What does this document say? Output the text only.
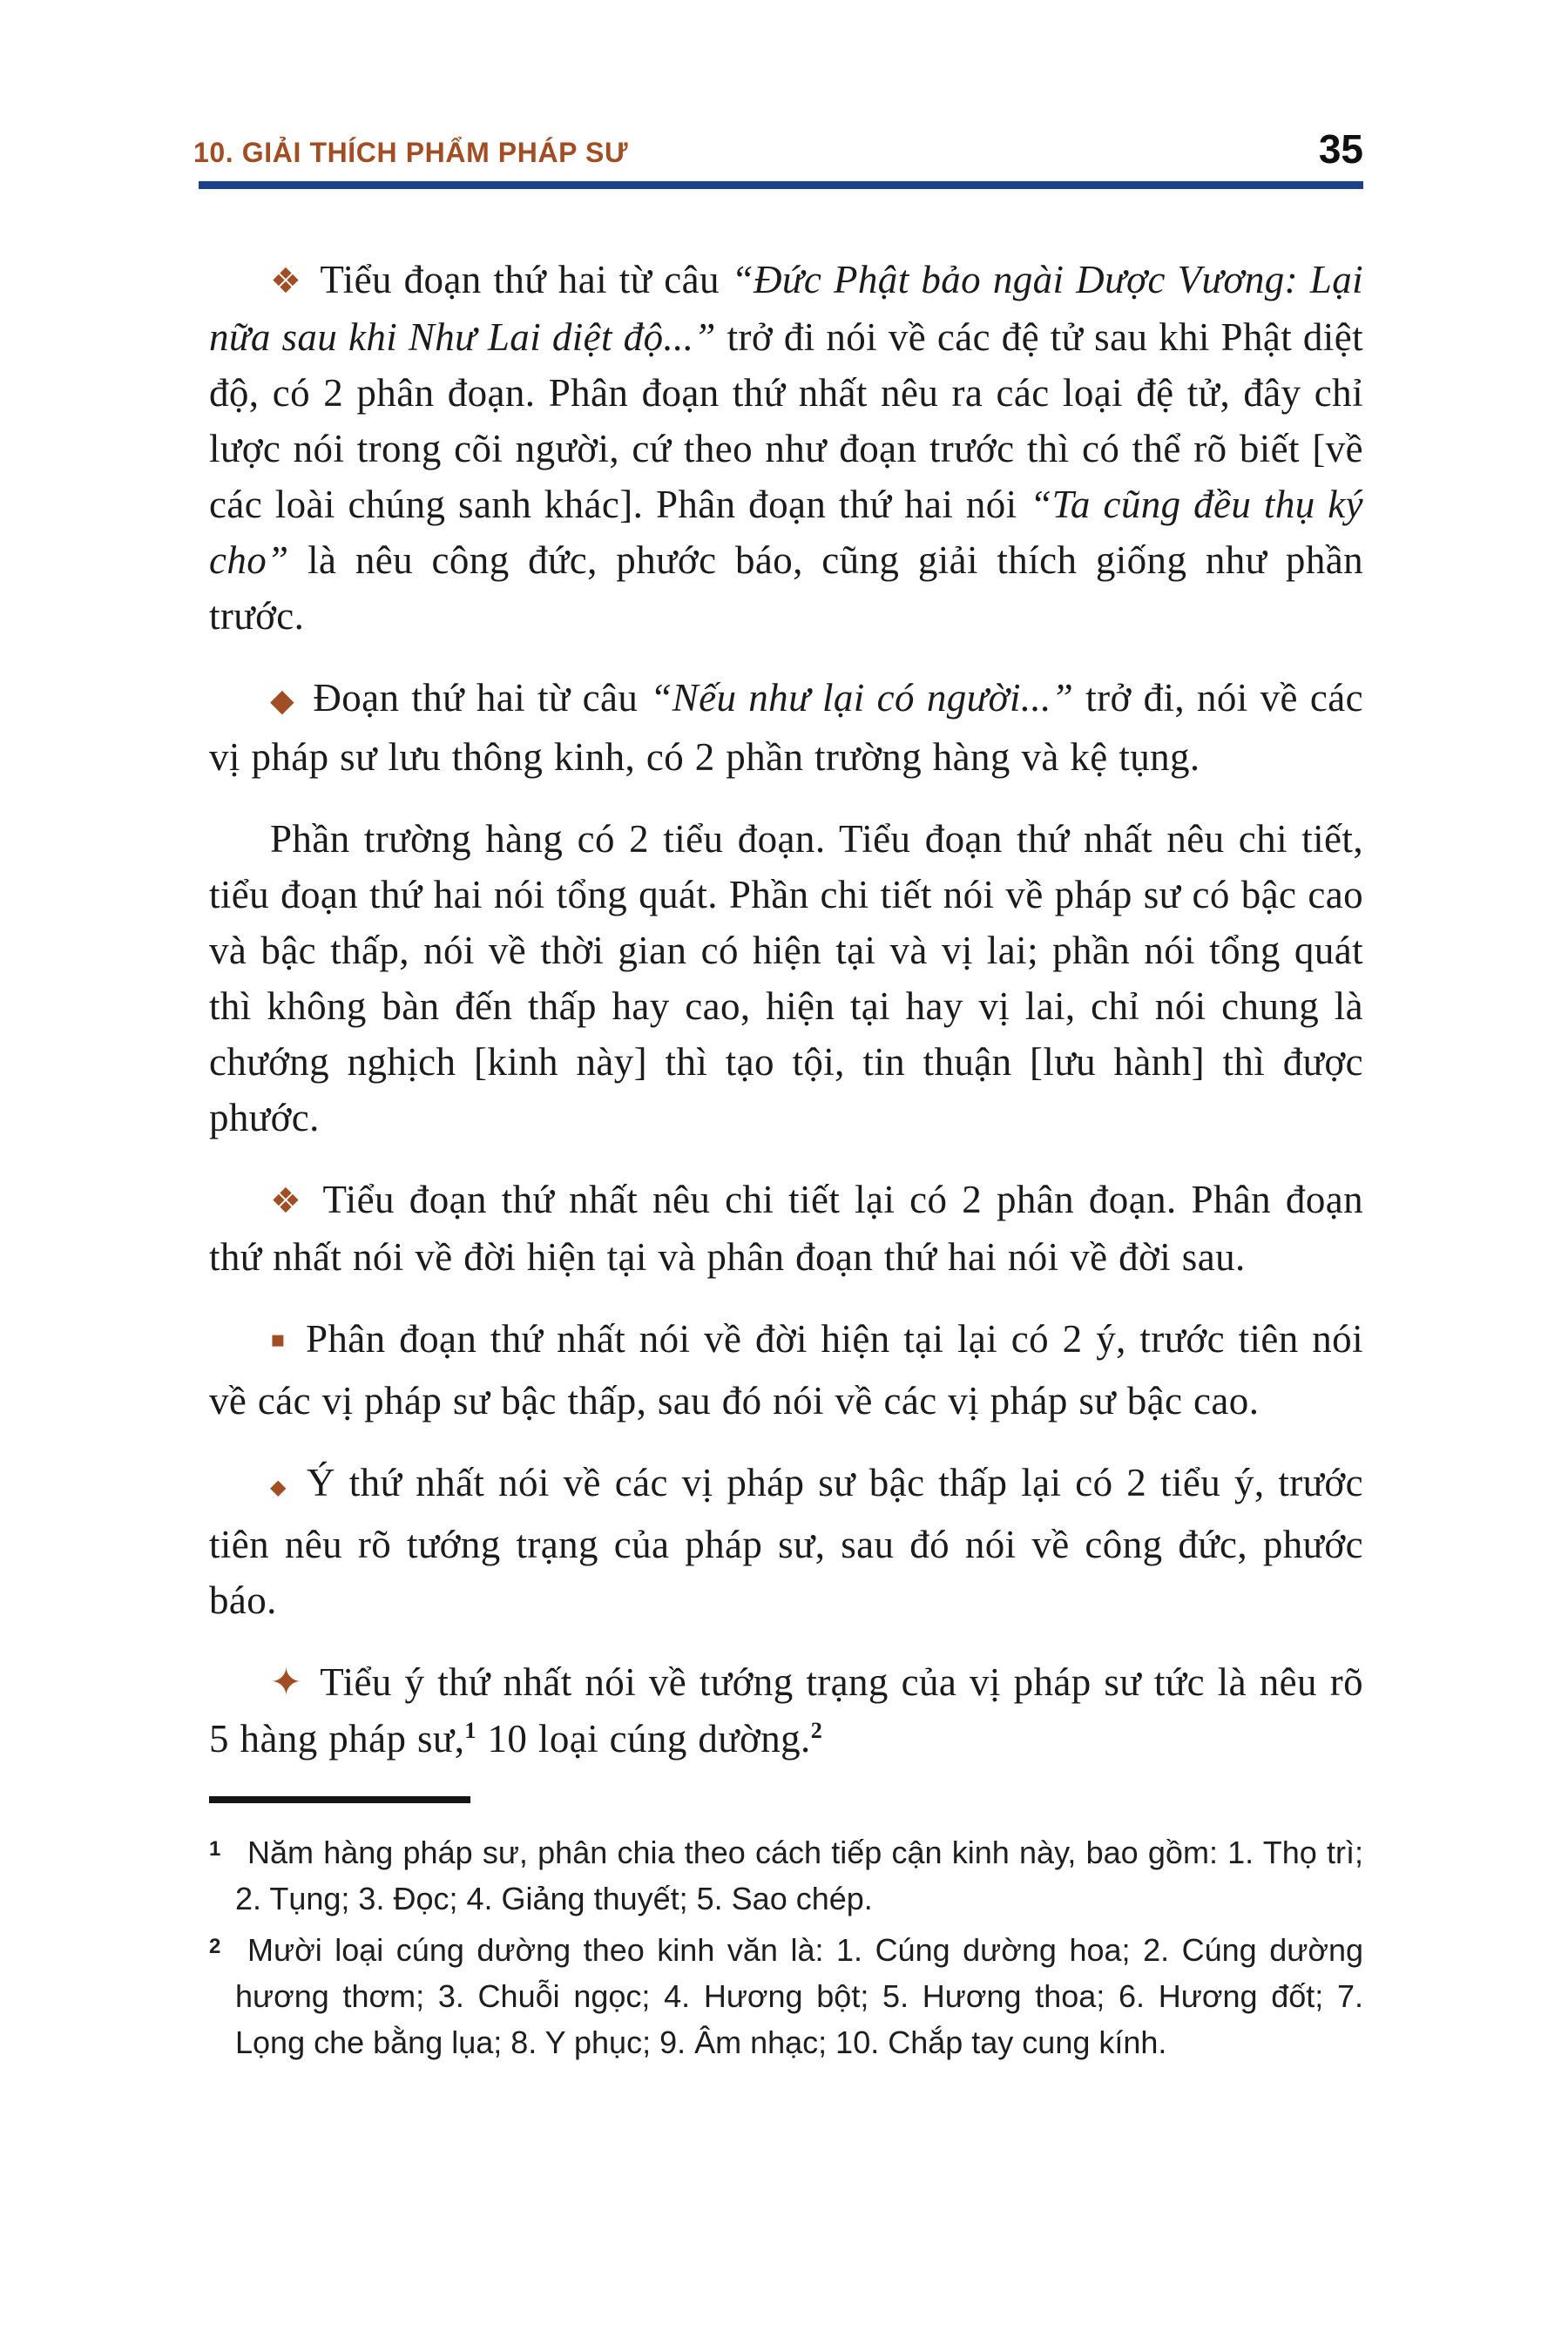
10. GIẢI THÍCH PHẨM PHÁP SƯ	35

❖ Tiểu đoạn thứ hai từ câu “Đức Phật bảo ngài Dược Vương: Lại nữa sau khi Như Lai diệt độ...” trở đi nói về các đệ tử sau khi Phật diệt độ, có 2 phân đoạn. Phân đoạn thứ nhất nêu ra các loại đệ tử, đây chỉ lược nói trong cõi người, cứ theo như đoạn trước thì có thể rõ biết [về các loài chúng sanh khác]. Phân đoạn thứ hai nói “Ta cũng đều thụ ký cho” là nêu công đức, phước báo, cũng giải thích giống như phần trước.

◆ Đoạn thứ hai từ câu “Nếu như lại có người...” trở đi, nói về các vị pháp sư lưu thông kinh, có 2 phần trường hàng và kệ tụng.

Phần trường hàng có 2 tiểu đoạn. Tiểu đoạn thứ nhất nêu chi tiết, tiểu đoạn thứ hai nói tổng quát. Phần chi tiết nói về pháp sư có bậc cao và bậc thấp, nói về thời gian có hiện tại và vị lai; phần nói tổng quát thì không bàn đến thấp hay cao, hiện tại hay vị lai, chỉ nói chung là chướng nghịch [kinh này] thì tạo tội, tin thuận [lưu hành] thì được phước.

❖ Tiểu đoạn thứ nhất nêu chi tiết lại có 2 phân đoạn. Phân đoạn thứ nhất nói về đời hiện tại và phân đoạn thứ hai nói về đời sau.

▪ Phân đoạn thứ nhất nói về đời hiện tại lại có 2 ý, trước tiên nói về các vị pháp sư bậc thấp, sau đó nói về các vị pháp sư bậc cao.

◆ Ý thứ nhất nói về các vị pháp sư bậc thấp lại có 2 tiểu ý, trước tiên nêu rõ tướng trạng của pháp sư, sau đó nói về công đức, phước báo.

✦ Tiểu ý thứ nhất nói về tướng trạng của vị pháp sư tức là nêu rõ 5 hàng pháp sư,$^1$ 10 loại cúng dường.$^2$

1 Năm hàng pháp sư, phân chia theo cách tiếp cận kinh này, bao gồm: 1. Thọ trì; 2. Tụng; 3. Đọc; 4. Giảng thuyết; 5. Sao chép.
2 Mười loại cúng dường theo kinh văn là: 1. Cúng dường hoa; 2. Cúng dường hương thơm; 3. Chuỗi ngọc; 4. Hương bột; 5. Hương thoa; 6. Hương đốt; 7. Lọng che bằng lụa; 8. Y phục; 9. Âm nhạc; 10. Chắp tay cung kính.
